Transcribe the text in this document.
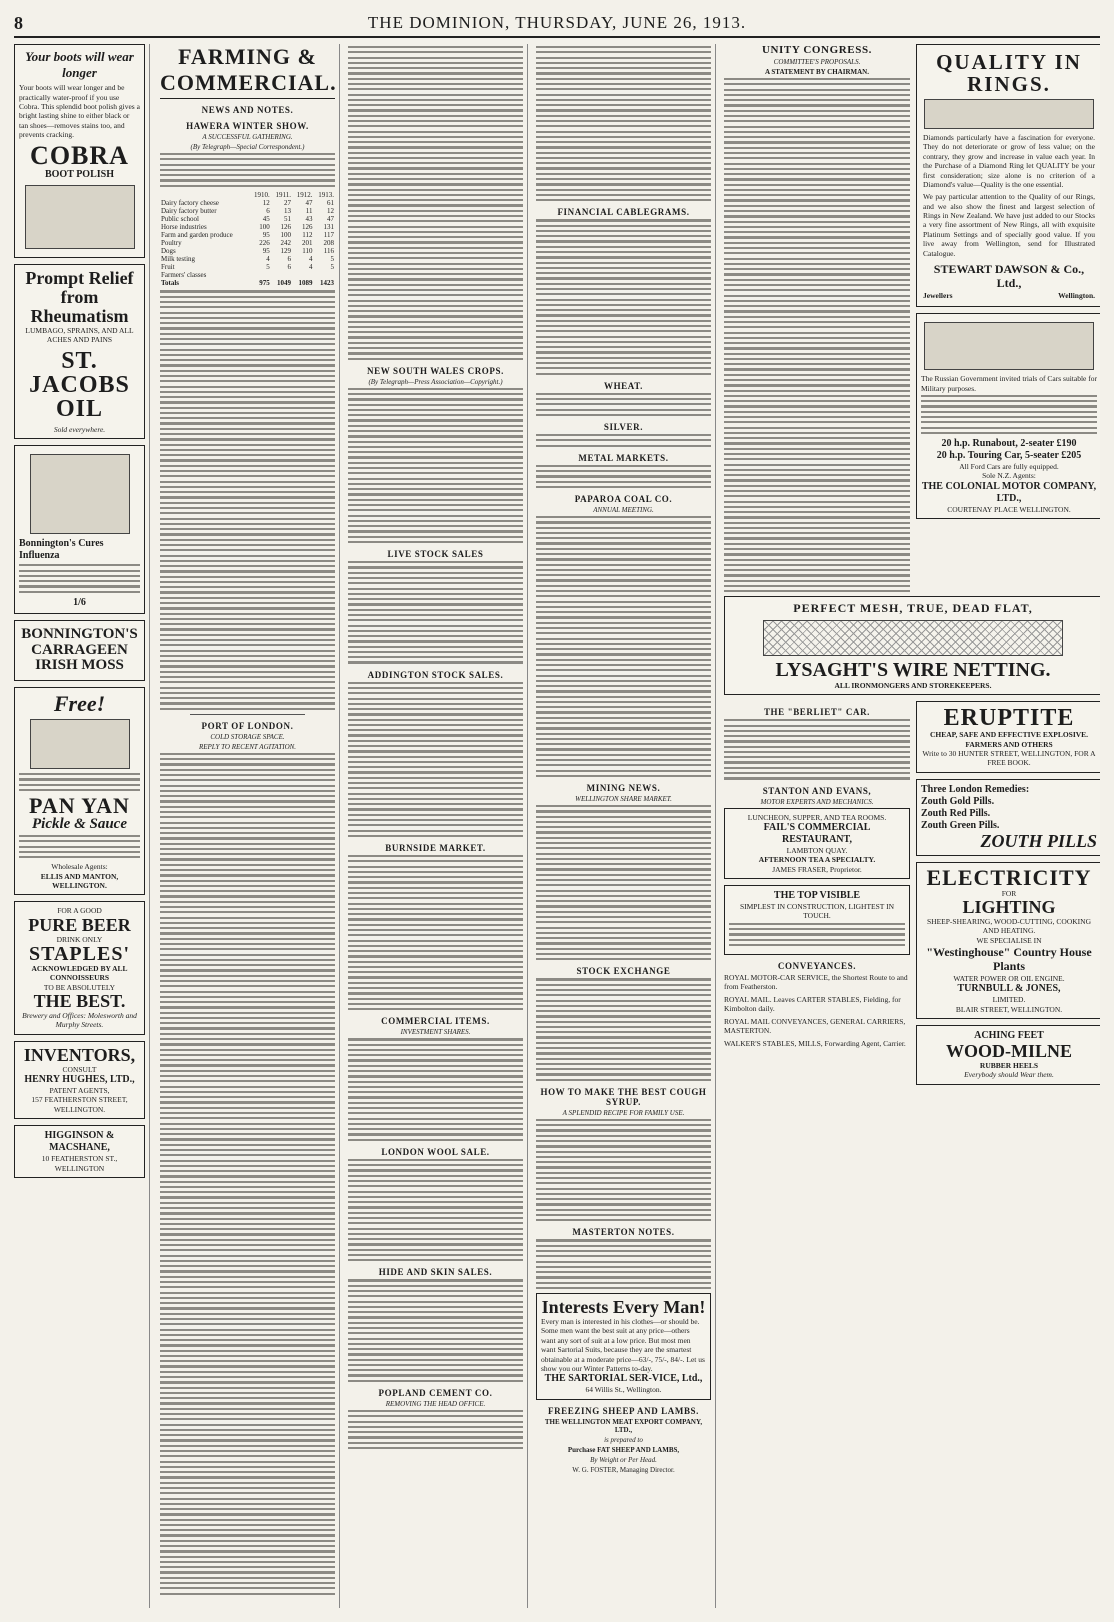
8	THE DOMINION, THURSDAY, JUNE 26, 1913.
Your boots will wear longer
Your boots will wear longer and be practically water-proof if you use Cobra. This splendid boot polish gives a bright lasting shine to either black or tan shoes—removes stains too, and prevents cracking.
COBRA
BOOT POLISH
Prompt Relief from Rheumatism
LUMBAGO, SPRAINS, AND ALL ACHES AND PAINS
ST. JACOBS OIL
Sold everywhere.
Bonnington's Cures Influenza
1/6
BONNINGTON'S CARRAGEEN IRISH MOSS
Free!
PAN YAN
Pickle & Sauce
Wholesale Agents:
ELLIS AND MANTON, WELLINGTON.
FOR A GOOD
PURE BEER
DRINK ONLY
STAPLES'
ACKNOWLEDGED BY ALL CONNOISSEURS
TO BE ABSOLUTELY
THE BEST.
Brewery and Offices: Molesworth and Murphy Streets.
INVENTORS,
CONSULT
HENRY HUGHES, LTD.,
PATENT AGENTS,
157 FEATHERSTON STREET, WELLINGTON.
HIGGINSON & MACSHANE,
10 FEATHERSTON ST., WELLINGTON
FARMING & COMMERCIAL.
NEWS AND NOTES.
HAWERA WINTER SHOW.
A SUCCESSFUL GATHERING.
(By Telegraph—Special Correspondent.)
	1910.	1911.	1912.	1913.
Dairy factory cheese	12	27	47	61
Dairy factory butter	6	13	11	12
Public school	45	51	43	47
Horse industries	100	126	126	131
Farm and garden produce	95	100	112	117
Poultry	226	242	201	208
Dogs	95	129	110	116
Milk testing	4	6	4	5
Fruit	5	6	4	5
Farmers' classes				
Totals	975	1049	1089	1423
PORT OF LONDON.
COLD STORAGE SPACE.
REPLY TO RECENT AGITATION.
NEW SOUTH WALES CROPS.
(By Telegraph—Press Association—Copyright.)
LIVE STOCK SALES
ADDINGTON STOCK SALES.
BURNSIDE MARKET.
COMMERCIAL ITEMS.
INVESTMENT SHARES.
LONDON WOOL SALE.
HIDE AND SKIN SALES.
POPLAND CEMENT CO.
REMOVING THE HEAD OFFICE.
FINANCIAL CABLEGRAMS.
WHEAT.
SILVER.
METAL MARKETS.
PAPAROA COAL CO.
ANNUAL MEETING.
MINING NEWS.
WELLINGTON SHARE MARKET.
STOCK EXCHANGE
HOW TO MAKE THE BEST COUGH SYRUP.
A SPLENDID RECIPE FOR FAMILY USE.
MASTERTON NOTES.
Interests Every Man!
Every man is interested in his clothes—or should be. Some men want the best suit at any price—others want any sort of suit at a low price. But most men want Sartorial Suits, because they are the smartest obtainable at a moderate price—63/-, 75/-, 84/-. Let us show you our Winter Patterns to-day.
THE SARTORIAL SER-VICE, Ltd.,
64 Willis St., Wellington.
FREEZING SHEEP AND LAMBS.
THE WELLINGTON MEAT EXPORT COMPANY, LTD.,
is prepared to
Purchase FAT SHEEP AND LAMBS,
By Weight or Per Head.
W. G. FOSTER, Managing Director.
UNITY CONGRESS.
COMMITTEE'S PROPOSALS.
A STATEMENT BY CHAIRMAN.	QUALITY IN RINGS.
Diamonds particularly have a fascination for everyone. They do not deteriorate or grow of less value; on the contrary, they grow and increase in value each year. In the Purchase of a Diamond Ring let QUALITY be your first consideration; size alone is no criterion of a Diamond's value—Quality is the one essential.
We pay particular attention to the Quality of our Rings, and we also show the finest and largest selection of Rings in New Zealand. We have just added to our Stocks a very fine assortment of New Rings, all with exquisite Platinum Settings and of specially good value. If you live away from Wellington, send for Illustrated Catalogue.
STEWART DAWSON & Co., Ltd.,
Jewellers	Wellington.
The Russian Government invited trials of Cars suitable for Military purposes.
20 h.p. Runabout, 2-seater £190
20 h.p. Touring Car, 5-seater £205
All Ford Cars are fully equipped.
Sole N.Z. Agents:
THE COLONIAL MOTOR COMPANY, LTD.,
COURTENAY PLACE WELLINGTON.
PERFECT MESH, TRUE, DEAD FLAT,
LYSAGHT'S WIRE NETTING.
ALL IRONMONGERS AND STOREKEEPERS.
THE "BERLIET" CAR.
STANTON AND EVANS,
MOTOR EXPERTS AND MECHANICS.
LUNCHEON, SUPPER, AND TEA ROOMS.
FAIL'S COMMERCIAL RESTAURANT,
LAMBTON QUAY.
AFTERNOON TEA A SPECIALTY.
JAMES FRASER, Proprietor.
THE TOP VISIBLE
SIMPLEST IN CONSTRUCTION, LIGHTEST IN TOUCH.
CONVEYANCES.
ROYAL MOTOR-CAR SERVICE, the Shortest Route to and from Featherston.
ROYAL MAIL. Leaves CARTER STABLES, Fielding, for Kimbolton daily.
ROYAL MAIL CONVEYANCES, GENERAL CARRIERS, MASTERTON.
WALKER'S STABLES, MILLS, Forwarding Agent, Carrier.
ERUPTITE
CHEAP, SAFE AND EFFECTIVE EXPLOSIVE. FARMERS AND OTHERS
Write to 30 HUNTER STREET, WELLINGTON, FOR A FREE BOOK.
Three London Remedies:
Zouth Gold Pills.
Zouth Red Pills.
Zouth Green Pills.
ZOUTH PILLS
ELECTRICITY
FOR
LIGHTING
SHEEP-SHEARING, WOOD-CUTTING, COOKING AND HEATING.
WE SPECIALISE IN
"Westinghouse" Country House Plants
WATER POWER OR OIL ENGINE.
TURNBULL & JONES,
LIMITED.
BLAIR STREET, WELLINGTON.
ACHING FEET
WOOD-MILNE
RUBBER HEELS
Everybody should Wear them.
